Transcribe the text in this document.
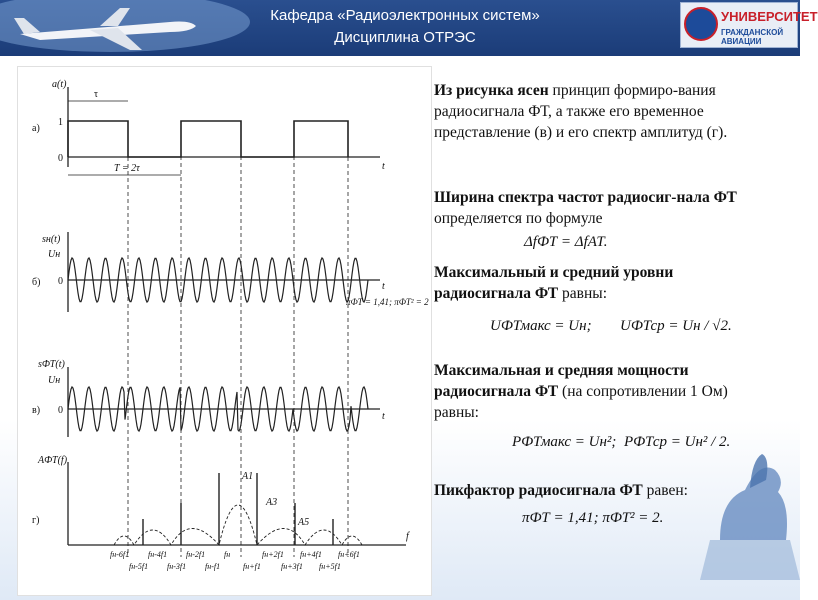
Кафедра «Радиоэлектронных систем»
Дисциплина ОТРЭС
УНИВЕРСИТЕТ
ГРАЖДАНСКОЙ АВИАЦИИ
a(t)
а)
1
0
t
τ
T = 2τ
sн(t)
Uн
б) 0	t
πФТ = 1,41; πФТ² = 2
sФТ(t)
Uн
в) 0
t
AФТ(f)
г)
f
A1
A3
A5
fн-6f1 fн-4f1 fн-2f1 fн	fн+2f1 fн+4f1 fн+6f1
fн-5f1 fн-3f1 fн-f1	fн+f1	fн+3f1 fн+5f1
Из рисунка ясен принцип формиро-вания радиосигнала ФТ, а также его временное представление (в) и его спектр амплитуд (г).
Ширина спектра частот радиосиг-нала ФТ определяется по формуле
ΔfФТ = ΔfАТ.
Максимальный и средний уровни радиосигнала ФТ равны:
UФТмакс = Uн; UФТср = Uн / √2.
Максимальная и средняя мощности радиосигнала ФТ (на сопротивлении 1 Ом) равны:
PФТмакс = Uн²; PФТср = Uн² / 2.
Пикфактор радиосигнала ФТ равен:
πФТ = 1,41; πФТ² = 2.
